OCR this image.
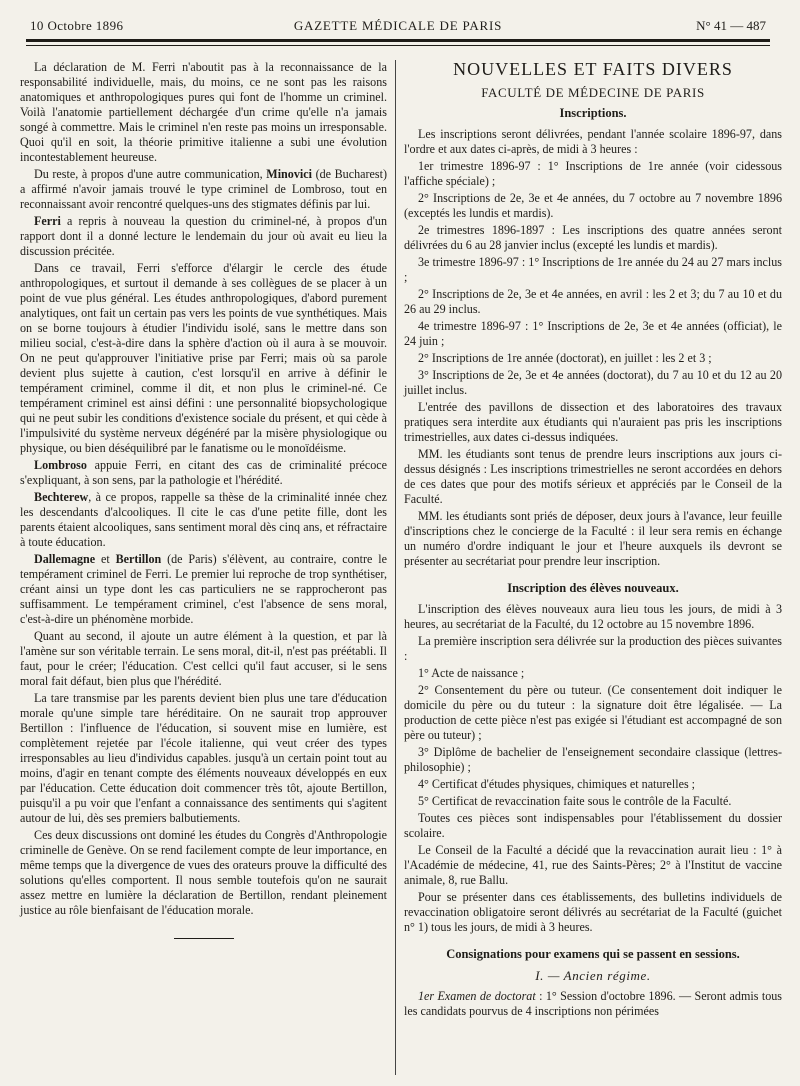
10 Octobre 1896	GAZETTE MÉDICALE DE PARIS	N° 41 — 487

La déclaration de M. Ferri n'aboutit pas à la reconnaissance de la responsabilité individuelle, mais, du moins, ce ne sont pas les raisons anatomiques et anthropologiques pures qui font de l'homme un criminel. Voilà l'anatomie partiellement déchargée d'un crime qu'elle n'a jamais songé à commettre. Mais le criminel n'en reste pas moins un irresponsable. Quoi qu'il en soit, la théorie primitive italienne a subi une évolution incontestablement heureuse.

Du reste, à propos d'une autre communication, Minovici (de Bucharest) a affirmé n'avoir jamais trouvé le type criminel de Lombroso, tout en reconnaissant avoir rencontré quelques-uns des stigmates définis par lui.

Ferri a repris à nouveau la question du criminel-né, à propos d'un rapport dont il a donné lecture le lendemain du jour où avait eu lieu la discussion précitée.

Dans ce travail, Ferri s'efforce d'élargir le cercle des étude anthropologiques, et surtout il demande à ses collègues de se placer à un point de vue plus général. Les études anthropologiques, d'abord purement analytiques, ont fait un certain pas vers les points de vue synthétiques. Mais on se borne toujours à étudier l'individu isolé, sans le mettre dans son milieu social, c'est-à-dire dans la sphère d'action où il aura à se mouvoir. On ne peut qu'approuver l'initiative prise par Ferri; mais où sa parole devient plus sujette à caution, c'est lorsqu'il en arrive à définir le tempérament criminel, comme il dit, et non plus le criminel-né. Ce tempérament criminel est ainsi défini : une personnalité biopsychologique qui ne peut subir les conditions d'existence sociale du présent, et qui cède à l'impulsivité du système nerveux dégénéré par la misère physiologique ou physique, ou bien déséquilibré par le fanatisme ou le monoïdéisme.

Lombroso appuie Ferri, en citant des cas de criminalité précoce s'expliquant, à son sens, par la pathologie et l'hérédité.

Bechterew, à ce propos, rappelle sa thèse de la criminalité innée chez les descendants d'alcooliques. Il cite le cas d'une petite fille, dont les parents étaient alcooliques, sans sentiment moral dès cinq ans, et réfractaire à toute éducation.

Dallemagne et Bertillon (de Paris) s'élèvent, au contraire, contre le tempérament criminel de Ferri. Le premier lui reproche de trop synthétiser, créant ainsi un type dont les cas particuliers ne se rapprocheront pas suffisamment. Le tempérament criminel, c'est l'absence de sens moral, c'est-à-dire un phénomène morbide.

Quant au second, il ajoute un autre élément à la question, et par là l'amène sur son véritable terrain. Le sens moral, dit-il, n'est pas préétabli. Il faut, pour le créer; l'éducation. C'est cellci qu'il faut accuser, si le sens moral fait défaut, bien plus que l'hérédité.

La tare transmise par les parents devient bien plus une tare d'éducation morale qu'une simple tare héréditaire. On ne saurait trop approuver Bertillon : l'influence de l'éducation, si souvent mise en lumière, est complètement rejetée par l'école italienne, qui veut créer des types irresponsables au lieu d'individus capables. jusqu'à un certain point tout au moins, d'agir en tenant compte des éléments nouveaux développés en eux par l'éducation. Cette éducation doit commencer très tôt, ajoute Bertillon, puisqu'il a pu voir que l'enfant a connaissance des sentiments qui s'agitent autour de lui, dès ses premiers balbutiements.

Ces deux discussions ont dominé les études du Congrès d'Anthropologie criminelle de Genève. On se rend facilement compte de leur importance, en même temps que la divergence de vues des orateurs prouve la difficulté des solutions qu'elles comportent. Il nous semble toutefois qu'on ne saurait assez mettre en lumière la déclaration de Bertillon, rendant pleinement justice au rôle bienfaisant de l'éducation morale.

NOUVELLES ET FAITS DIVERS

FACULTÉ DE MÉDECINE DE PARIS

Inscriptions.

Les inscriptions seront délivrées, pendant l'année scolaire 1896-97, dans l'ordre et aux dates ci-après, de midi à 3 heures :

1er trimestre 1896-97 : 1° Inscriptions de 1re année (voir cidessous l'affiche spéciale) ;

2° Inscriptions de 2e, 3e et 4e années, du 7 octobre au 7 novembre 1896 (exceptés les lundis et mardis).

2e trimestres 1896-1897 : Les inscriptions des quatre années seront délivrées du 6 au 28 janvier inclus (excepté les lundis et mardis).

3e trimestre 1896-97 : 1° Inscriptions de 1re année du 24 au 27 mars inclus ;

2° Inscriptions de 2e, 3e et 4e années, en avril : les 2 et 3; du 7 au 10 et du 26 au 29 inclus.

4e trimestre 1896-97 : 1° Inscriptions de 2e, 3e et 4e années (officiat), le 24 juin ;

2° Inscriptions de 1re année (doctorat), en juillet : les 2 et 3 ;

3° Inscriptions de 2e, 3e et 4e années (doctorat), du 7 au 10 et du 12 au 20 juillet inclus.

L'entrée des pavillons de dissection et des laboratoires des travaux pratiques sera interdite aux étudiants qui n'auraient pas pris les inscriptions trimestrielles, aux dates ci-dessus indiquées.

MM. les étudiants sont tenus de prendre leurs inscriptions aux jours ci-dessus désignés : Les inscriptions trimestrielles ne seront accordées en dehors de ces dates que pour des motifs sérieux et appréciés par le Conseil de la Faculté.

MM. les étudiants sont priés de déposer, deux jours à l'avance, leur feuille d'inscriptions chez le concierge de la Faculté : il leur sera remis en échange un numéro d'ordre indiquant le jour et l'heure auxquels ils devront se présenter au secrétariat pour prendre leur inscription.

Inscription des élèves nouveaux.

L'inscription des élèves nouveaux aura lieu tous les jours, de midi à 3 heures, au secrétariat de la Faculté, du 12 octobre au 15 novembre 1896.

La première inscription sera délivrée sur la production des pièces suivantes :

1° Acte de naissance ;

2° Consentement du père ou tuteur. (Ce consentement doit indiquer le domicile du père ou du tuteur : la signature doit être légalisée. — La production de cette pièce n'est pas exigée si l'étudiant est accompagné de son père ou tuteur) ;

3° Diplôme de bachelier de l'enseignement secondaire classique (lettres-philosophie) ;

4° Certificat d'études physiques, chimiques et naturelles ;

5° Certificat de revaccination faite sous le contrôle de la Faculté.

Toutes ces pièces sont indispensables pour l'établissement du dossier scolaire.

Le Conseil de la Faculté a décidé que la revaccination aurait lieu : 1° à l'Académie de médecine, 41, rue des Saints-Pères; 2° à l'Institut de vaccine animale, 8, rue Ballu.

Pour se présenter dans ces établissements, des bulletins individuels de revaccination obligatoire seront délivrés au secrétariat de la Faculté (guichet n° 1) tous les jours, de midi à 3 heures.

Consignations pour examens qui se passent en sessions.

I. — Ancien régime.

1er Examen de doctorat : 1° Session d'octobre 1896. — Seront admis tous les candidats pourvus de 4 inscriptions non périmées
